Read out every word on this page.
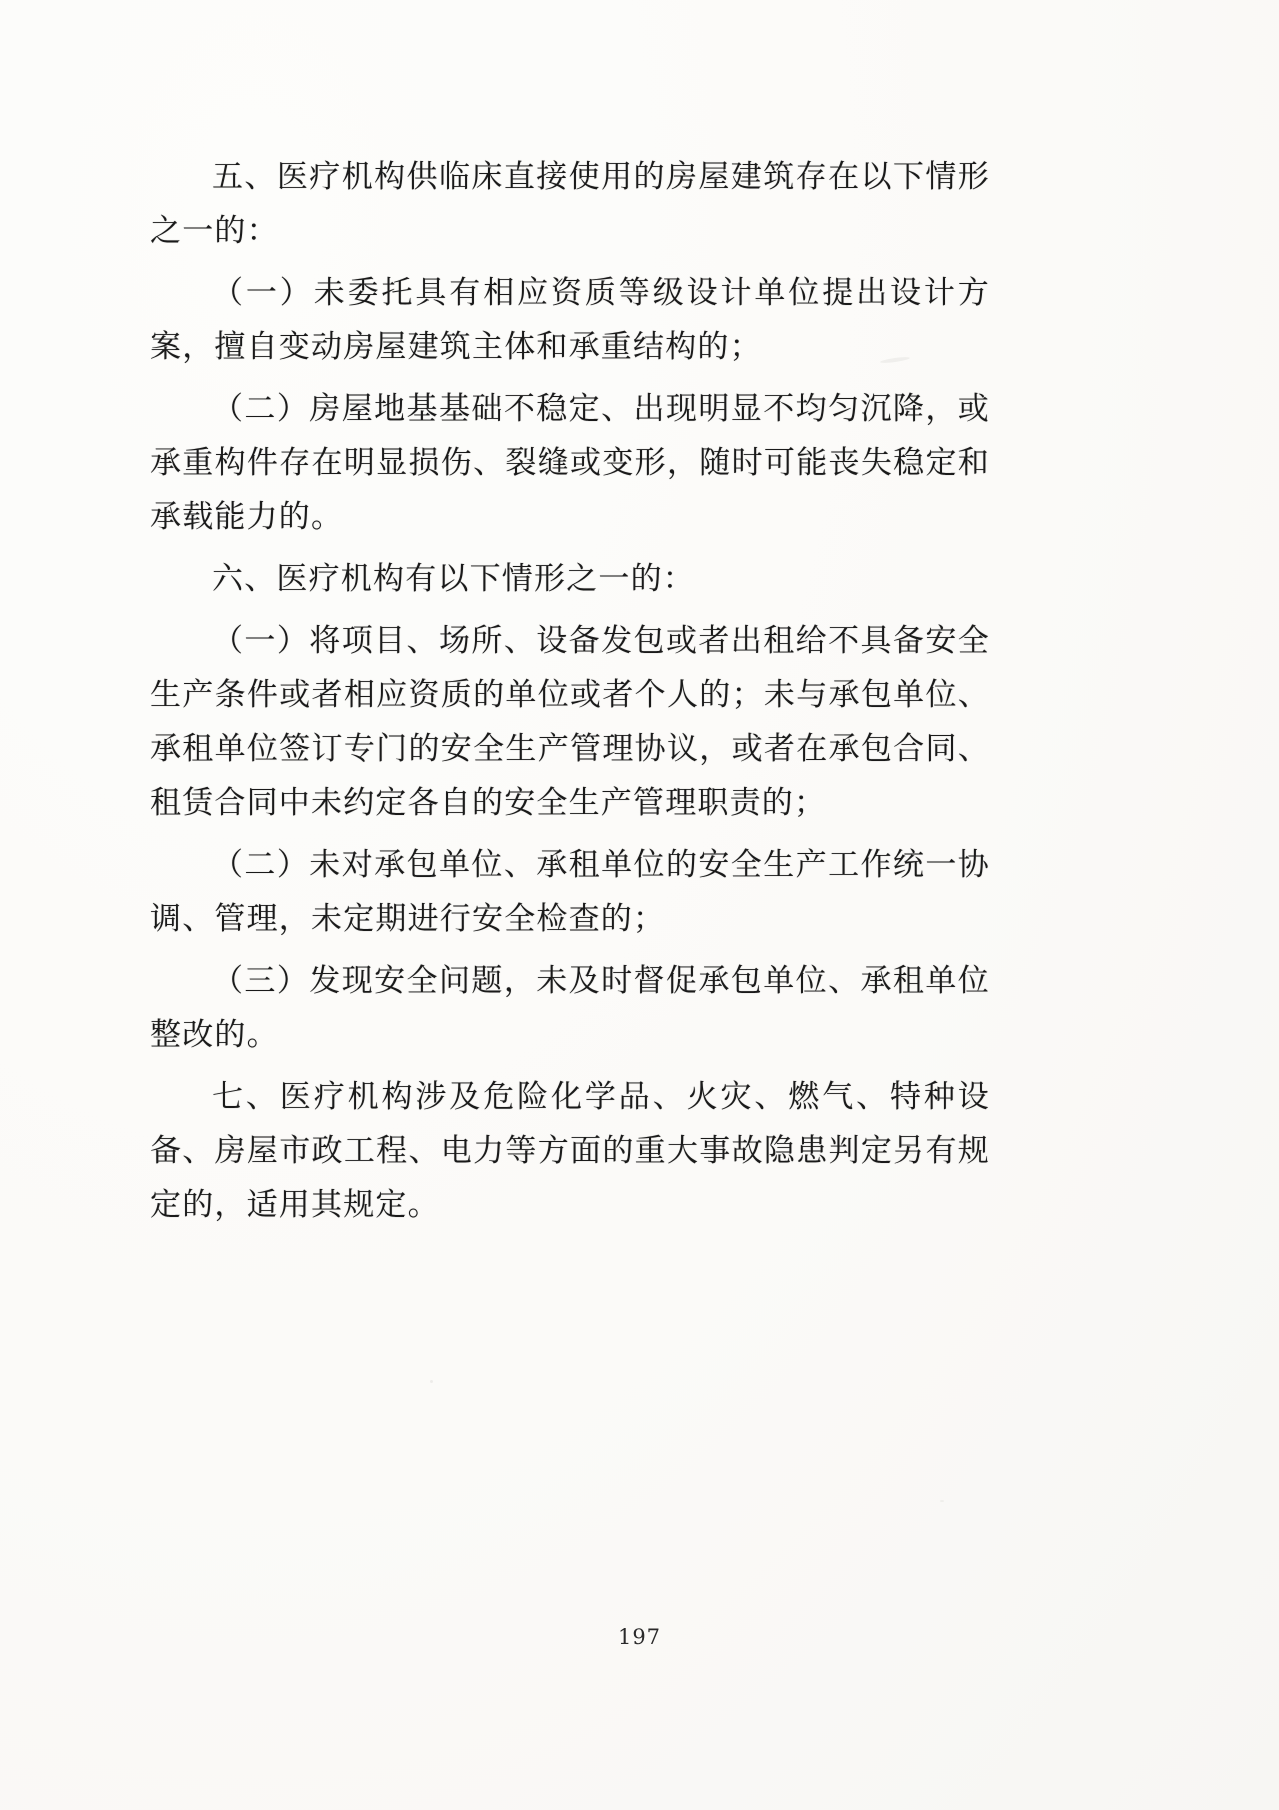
五、医疗机构供临床直接使用的房屋建筑存在以下情形之一的：

（一）未委托具有相应资质等级设计单位提出设计方案，擅自变动房屋建筑主体和承重结构的；

（二）房屋地基基础不稳定、出现明显不均匀沉降，或承重构件存在明显损伤、裂缝或变形，随时可能丧失稳定和承载能力的。

六、医疗机构有以下情形之一的：

（一）将项目、场所、设备发包或者出租给不具备安全生产条件或者相应资质的单位或者个人的；未与承包单位、承租单位签订专门的安全生产管理协议，或者在承包合同、租赁合同中未约定各自的安全生产管理职责的；

（二）未对承包单位、承租单位的安全生产工作统一协调、管理，未定期进行安全检查的；

（三）发现安全问题，未及时督促承包单位、承租单位整改的。

七、医疗机构涉及危险化学品、火灾、燃气、特种设备、房屋市政工程、电力等方面的重大事故隐患判定另有规定的，适用其规定。

197
